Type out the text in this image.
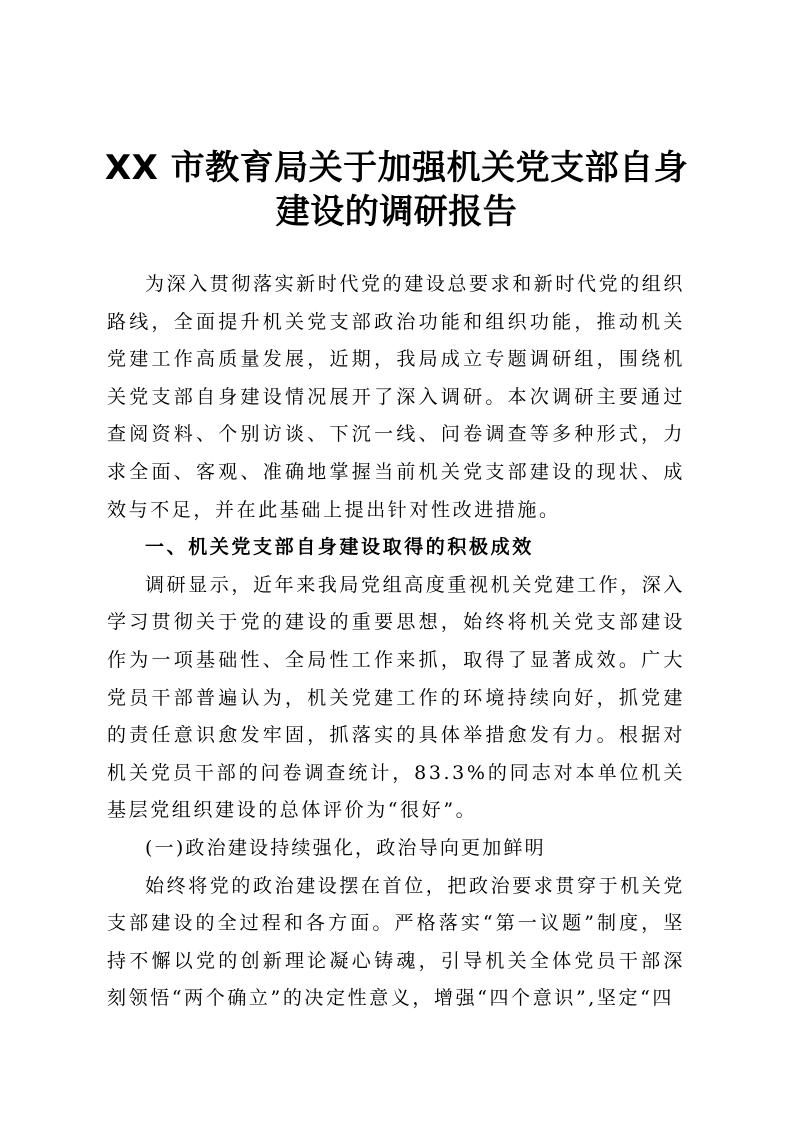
XX 市教育局关于加强机关党支部自身
建设的调研报告

为深入贯彻落实新时代党的建设总要求和新时代党的组织路线，全面提升机关党支部政治功能和组织功能，推动机关党建工作高质量发展，近期，我局成立专题调研组，围绕机关党支部自身建设情况展开了深入调研。本次调研主要通过查阅资料、个别访谈、下沉一线、问卷调查等多种形式，力求全面、客观、准确地掌握当前机关党支部建设的现状、成效与不足，并在此基础上提出针对性改进措施。

一、机关党支部自身建设取得的积极成效

调研显示，近年来我局党组高度重视机关党建工作，深入学习贯彻关于党的建设的重要思想，始终将机关党支部建设作为一项基础性、全局性工作来抓，取得了显著成效。广大党员干部普遍认为，机关党建工作的环境持续向好，抓党建的责任意识愈发牢固，抓落实的具体举措愈发有力。根据对机关党员干部的问卷调查统计，83.3%的同志对本单位机关基层党组织建设的总体评价为“很好”。

(一)政治建设持续强化，政治导向更加鲜明

始终将党的政治建设摆在首位，把政治要求贯穿于机关党支部建设的全过程和各方面。严格落实“第一议题”制度，坚持不懈以党的创新理论凝心铸魂，引导机关全体党员干部深刻领悟“两个确立”的决定性意义，增强“四个意识”,坚定“四
